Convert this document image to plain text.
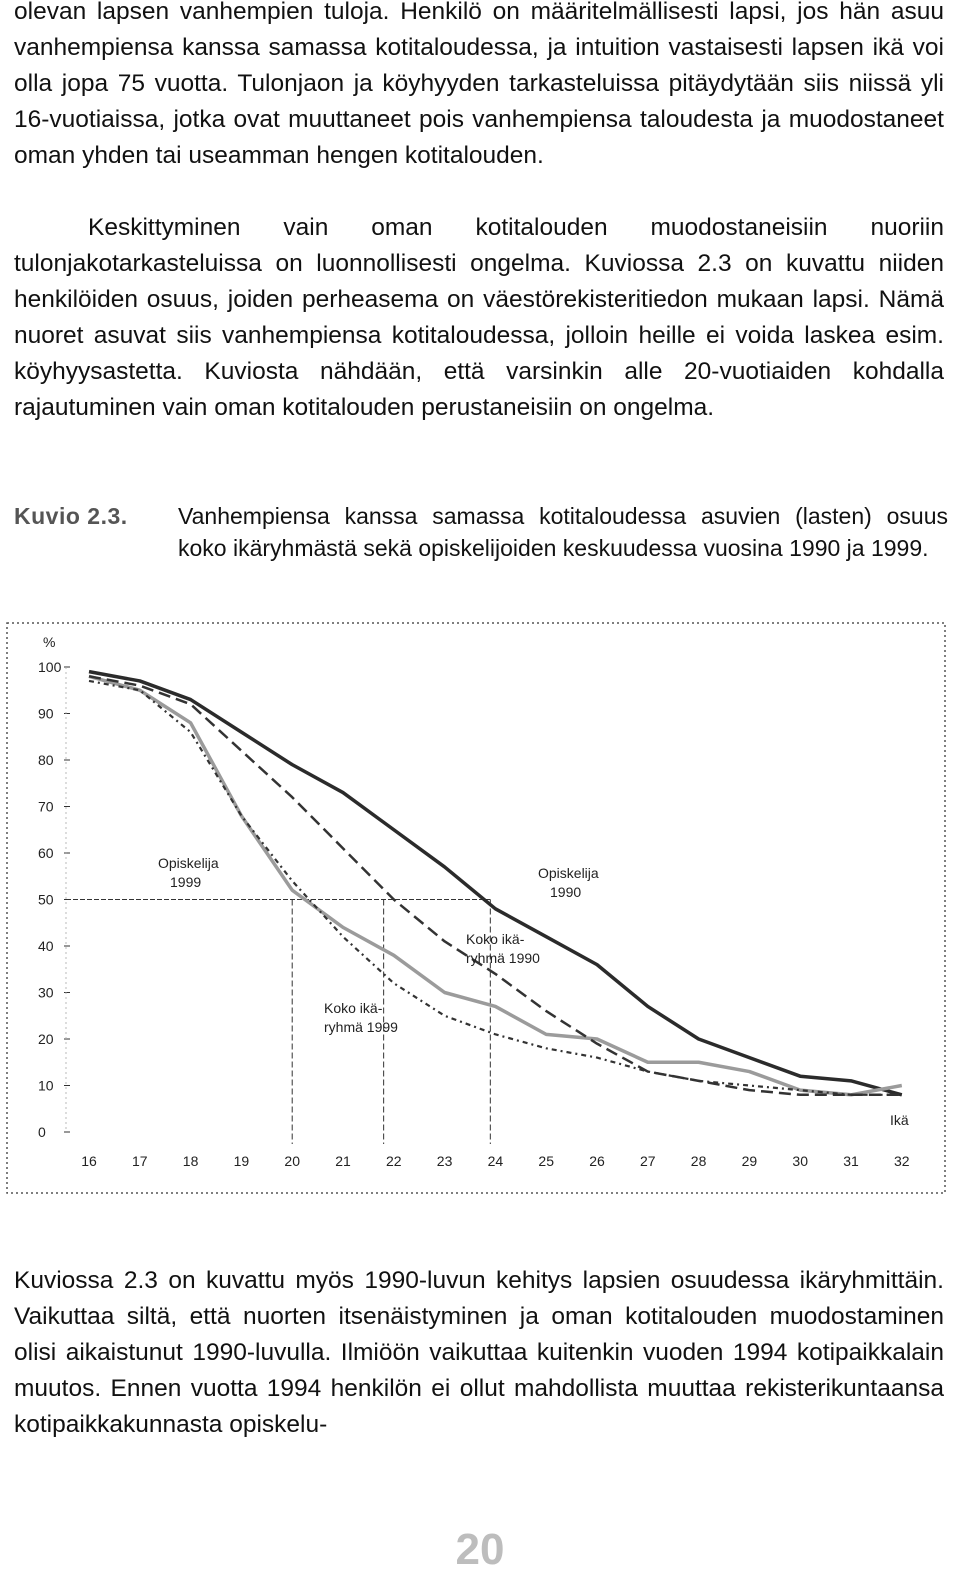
olevan lapsen vanhempien tuloja. Henkilö on määritelmällisesti lapsi, jos hän asuu vanhempiensa kanssa samassa kotitaloudessa, ja intuition vastaisesti lapsen ikä voi olla jopa 75 vuotta. Tulonjaon ja köyhyyden tarkasteluissa pitäydytään siis niissä yli 16-vuotiaissa, jotka ovat muuttaneet pois vanhempiensa taloudesta ja muodostaneet oman yhden tai useamman hengen kotitalouden.

Keskittyminen vain oman kotitalouden muodostaneisiin nuoriin tulonjakotarkasteluissa on luonnollisesti ongelma. Kuviossa 2.3 on kuvattu niiden henkilöiden osuus, joiden perheasema on väestörekisteritiedon mukaan lapsi. Nämä nuoret asuvat siis vanhempiensa kotitaloudessa, jolloin heille ei voida laskea esim. köyhyysastetta. Kuviosta nähdään, että varsinkin alle 20-vuotiaiden kohdalla rajautuminen vain oman kotitalouden perustaneisiin on ongelma.

Kuvio 2.3. Vanhempiensa kanssa samassa kotitaloudessa asuvien (lasten) osuus koko ikäryhmästä sekä opiskelijoiden keskuudessa vuosina 1990 ja 1999.
%
100
90
80
70
60
50
40
30
20
10
0
16	17	18	19	20	21	22	23	24	25	26	27	28	29	30	31	32
Ikä
Opiskelija 1990
Opiskelija 1999
Koko ikä-ryhmä 1990
Koko ikä-ryhmä 1999

Kuviossa 2.3 on kuvattu myös 1990-luvun kehitys lapsien osuudessa ikäryhmittäin. Vaikuttaa siltä, että nuorten itsenäistyminen ja oman kotitalouden muodostaminen olisi aikaistunut 1990-luvulla. Ilmiöön vaikuttaa kuitenkin vuoden 1994 kotipaikkalain muutos. Ennen vuotta 1994 henkilön ei ollut mahdollista muuttaa rekisterikuntaansa kotipaikkakunnasta opiskelu-

20
